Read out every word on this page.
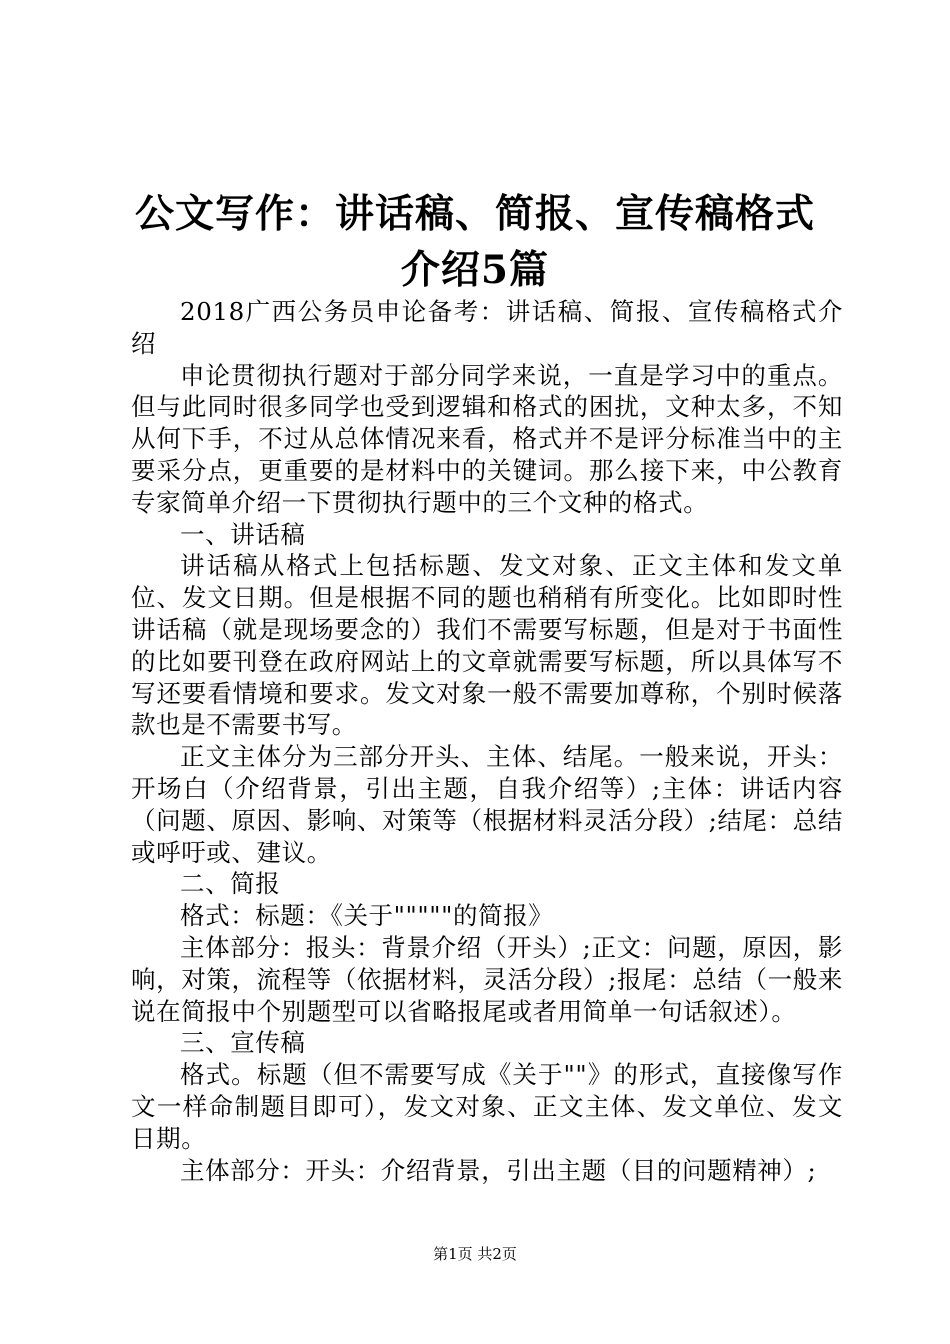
公文写作：讲话稿、简报、宣传稿格式介绍5篇

2018广西公务员申论备考：讲话稿、简报、宣传稿格式介绍

申论贯彻执行题对于部分同学来说，一直是学习中的重点。但与此同时很多同学也受到逻辑和格式的困扰，文种太多，不知从何下手，不过从总体情况来看，格式并不是评分标准当中的主要采分点，更重要的是材料中的关键词。那么接下来，中公教育专家简单介绍一下贯彻执行题中的三个文种的格式。

一、讲话稿

讲话稿从格式上包括标题、发文对象、正文主体和发文单位、发文日期。但是根据不同的题也稍稍有所变化。比如即时性讲话稿（就是现场要念的）我们不需要写标题，但是对于书面性的比如要刊登在政府网站上的文章就需要写标题，所以具体写不写还要看情境和要求。发文对象一般不需要加尊称，个别时候落款也是不需要书写。

正文主体分为三部分开头、主体、结尾。一般来说，开头：开场白（介绍背景，引出主题，自我介绍等）;主体：讲话内容（问题、原因、影响、对策等（根据材料灵活分段）;结尾：总结或呼吁或、建议。

二、简报

格式：标题：《关于"""""的简报》

主体部分：报头：背景介绍（开头）;正文：问题，原因，影响，对策，流程等（依据材料，灵活分段）;报尾：总结（一般来说在简报中个别题型可以省略报尾或者用简单一句话叙述）。

三、宣传稿

格式。标题（但不需要写成《关于""》的形式，直接像写作文一样命制题目即可），发文对象、正文主体、发文单位、发文日期。

主体部分：开头：介绍背景，引出主题（目的问题精神）;

第1页 共2页
